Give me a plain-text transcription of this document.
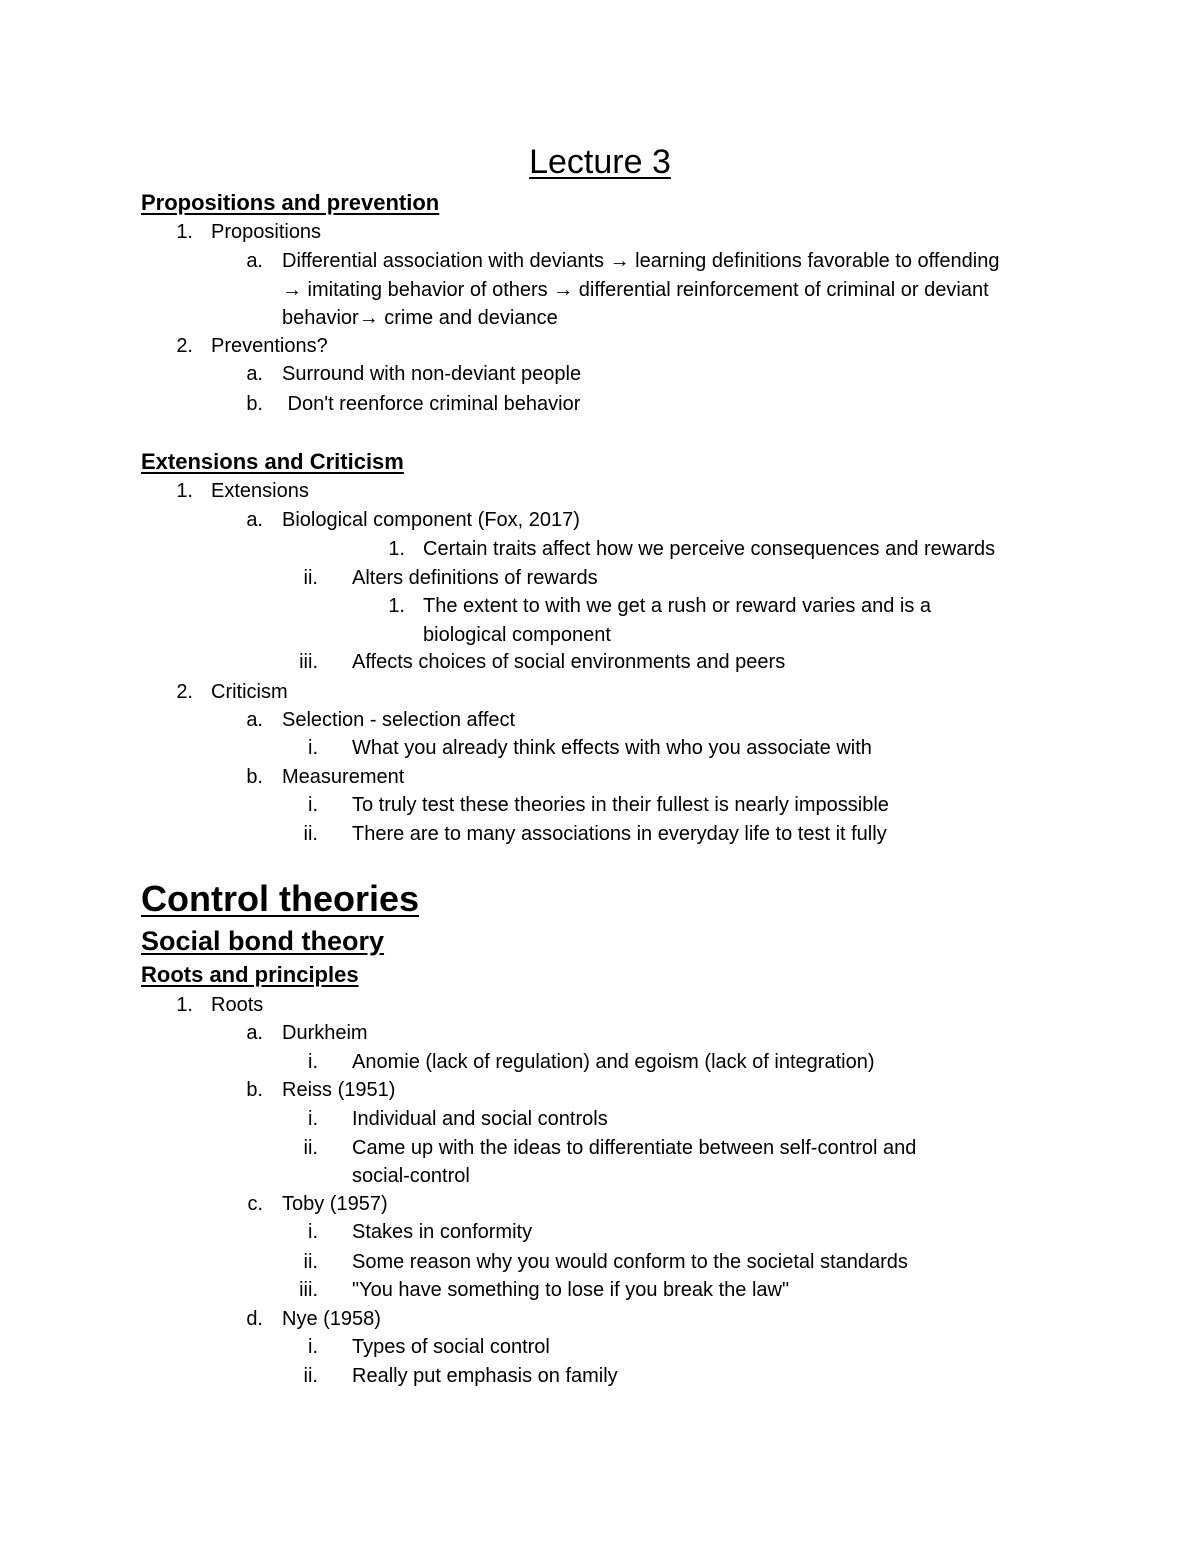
Lecture 3
Propositions and prevention
Extensions and Criticism
Control theories
Social bond theory
Roots and principles
1. Propositions
a. Differential association with deviants → learning definitions favorable to offending
→ imitating behavior of others → differential reinforcement of criminal or deviant
behavior→ crime and deviance
2. Preventions?
a. Surround with non-deviant people
b. Don't reenforce criminal behavior
1. Extensions
a. Biological component (Fox, 2017)
1. Certain traits affect how we perceive consequences and rewards
ii. Alters definitions of rewards
1. The extent to with we get a rush or reward varies and is a
biological component
iii. Affects choices of social environments and peers
2. Criticism
a. Selection - selection affect
i. What you already think effects with who you associate with
b. Measurement
i. To truly test these theories in their fullest is nearly impossible
ii. There are to many associations in everyday life to test it fully
1. Roots
a. Durkheim
i. Anomie (lack of regulation) and egoism (lack of integration)
b. Reiss (1951)
i. Individual and social controls
ii. Came up with the ideas to differentiate between self-control and
social-control
c. Toby (1957)
i. Stakes in conformity
ii. Some reason why you would conform to the societal standards
iii. "You have something to lose if you break the law"
d. Nye (1958)
i. Types of social control
ii. Really put emphasis on family
